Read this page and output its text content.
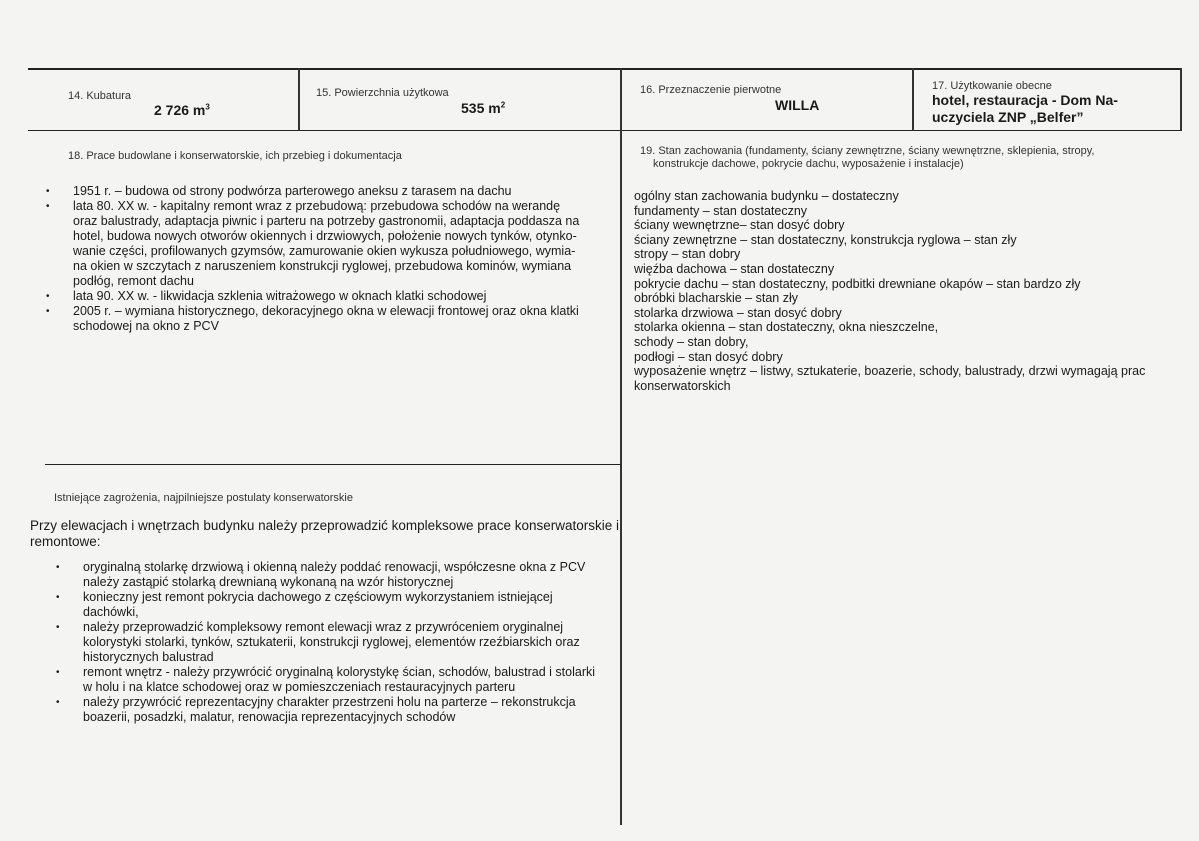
14. Kubatura
2 726 $m^3$
15. Powierzchnia użytkowa
535 $m^2$
16. Przeznaczenie pierwotne
WILLA
17. Użytkowanie obecne
hotel, restauracja - Dom Na-
uczyciela ZNP „Belfer”
18. Prace budowlane i konserwatorskie, ich przebieg i dokumentacja
• 1951 r. – budowa od strony podwórza parterowego aneksu z tarasem na dachu
• lata 80. XX w. - kapitalny remont wraz z przebudową: przebudowa schodów na werandę
oraz balustrady, adaptacja piwnic i parteru na potrzeby gastronomii, adaptacja poddasza na
hotel, budowa nowych otworów okiennych i drzwiowych, położenie nowych tynków, otynko-
wanie części, profilowanych gzymsów, zamurowanie okien wykusza południowego, wymia-
na okien w szczytach z naruszeniem konstrukcji ryglowej, przebudowa kominów, wymiana
podłóg, remont dachu
• lata 90. XX w. - likwidacja szklenia witrażowego w oknach klatki schodowej
• 2005 r. – wymiana historycznego, dekoracyjnego okna w elewacji frontowej oraz okna klatki
schodowej na okno z PCV
19. Stan zachowania (fundamenty, ściany zewnętrzne, ściany wewnętrzne, sklepienia, stropy,
konstrukcje dachowe, pokrycie dachu, wyposażenie i instalacje)
ogólny stan zachowania budynku – dostateczny
fundamenty – stan dostateczny
ściany wewnętrzne– stan dosyć dobry
ściany zewnętrzne – stan dostateczny, konstrukcja ryglowa – stan zły
stropy – stan dobry
więźba dachowa – stan dostateczny
pokrycie dachu – stan dostateczny, podbitki drewniane okapów – stan bardzo zły
obróbki blacharskie – stan zły
stolarka drzwiowa – stan dosyć dobry
stolarka okienna – stan dostateczny, okna nieszczelne,
schody – stan dobry,
podłogi – stan dosyć dobry
wyposażenie wnętrz – listwy, sztukaterie, boazerie, schody, balustrady, drzwi wymagają prac
konserwatorskich
Istniejące zagrożenia, najpilniejsze postulaty konserwatorskie
Przy elewacjach i wnętrzach budynku należy przeprowadzić kompleksowe prace konserwatorskie i
remontowe:
• oryginalną stolarkę drzwiową i okienną należy poddać renowacji, współczesne okna z PCV
należy zastąpić stolarką drewnianą wykonaną na wzór historycznej
• konieczny jest remont pokrycia dachowego z częściowym wykorzystaniem istniejącej
dachówki,
• należy przeprowadzić kompleksowy remont elewacji wraz z przywróceniem oryginalnej
kolorystyki stolarki, tynków, sztukaterii, konstrukcji ryglowej, elementów rzeźbiarskich oraz
historycznych balustrad
• remont wnętrz - należy przywrócić oryginalną kolorystykę ścian, schodów, balustrad i stolarki
w holu i na klatce schodowej oraz w pomieszczeniach restauracyjnych parteru
• należy przywrócić reprezentacyjny charakter przestrzeni holu na parterze – rekonstrukcja
boazerii, posadzki, malatur, renowacjia reprezentacyjnych schodów
